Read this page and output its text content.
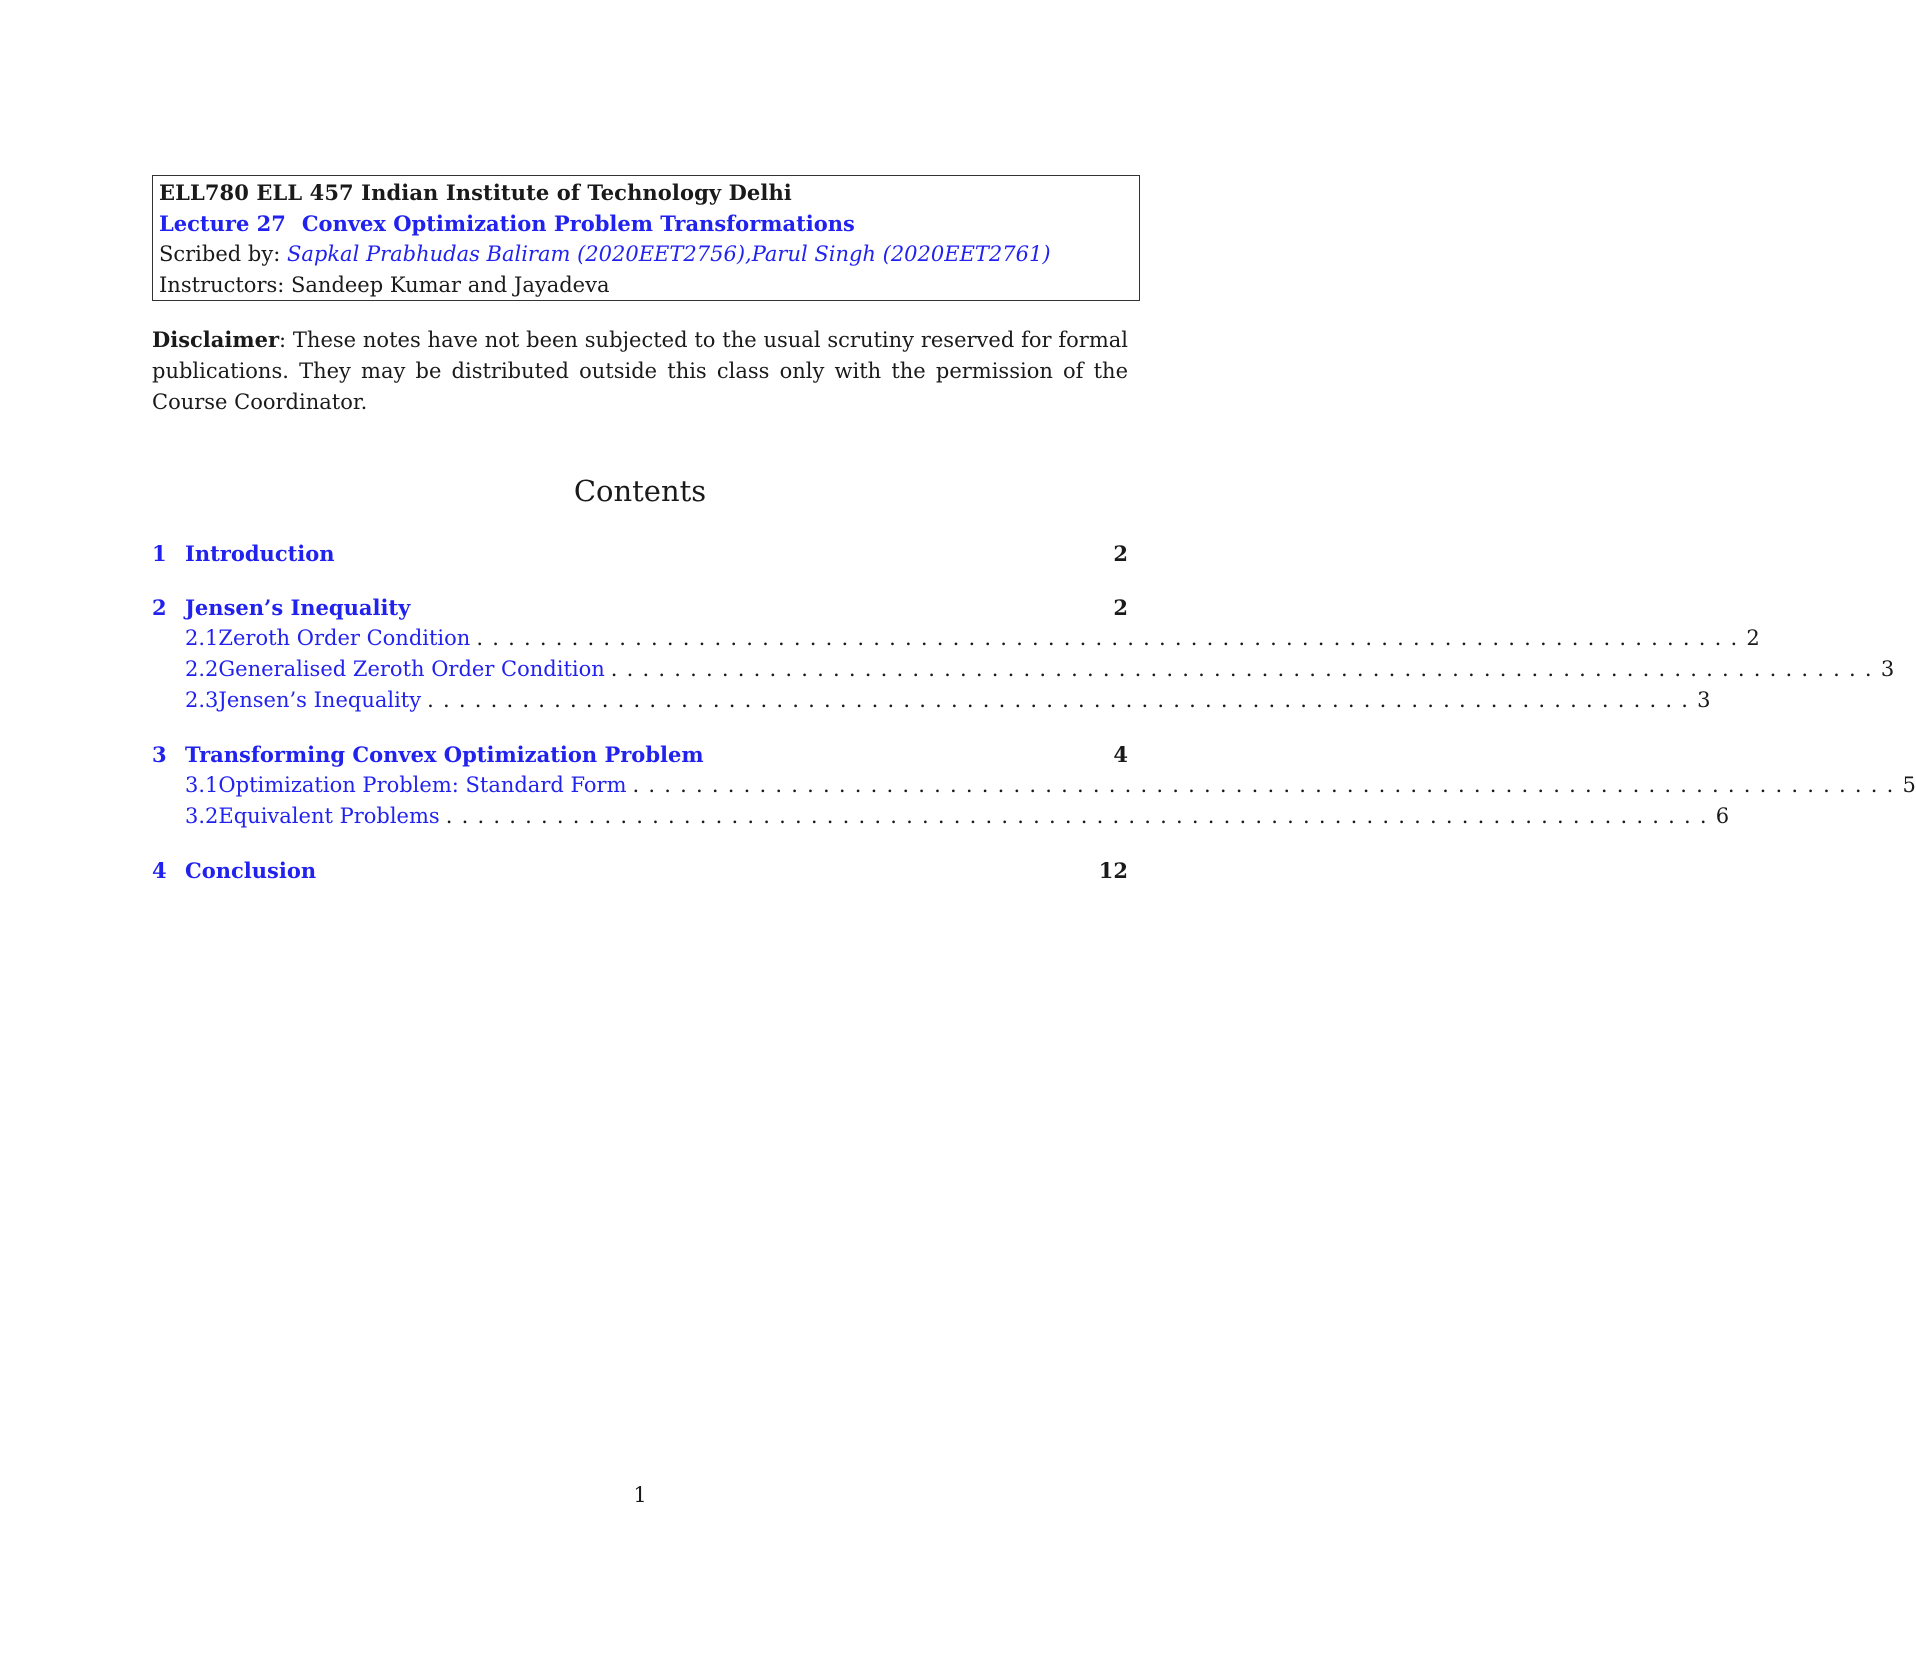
ELL780 ELL 457 Indian Institute of Technology Delhi
Lecture 27 Convex Optimization Problem Transformations
Scribed by: Sapkal Prabhudas Baliram (2020EET2756),Parul Singh (2020EET2761)
Instructors: Sandeep Kumar and Jayadeva
Disclaimer: These notes have not been subjected to the usual scrutiny reserved for formal publications. They may be distributed outside this class only with the permission of the Course Coordinator.
Contents
1 Introduction	2
2 Jensen’s Inequality	2
2.1 Zeroth Order Condition ................................................................................ 2
2.2 Generalised Zeroth Order Condition ................................................................................ 3
2.3 Jensen’s Inequality ................................................................................ 3
3 Transforming Convex Optimization Problem	4
3.1 Optimization Problem: Standard Form ................................................................................ 5
3.2 Equivalent Problems ................................................................................ 6
4 Conclusion	12
1
